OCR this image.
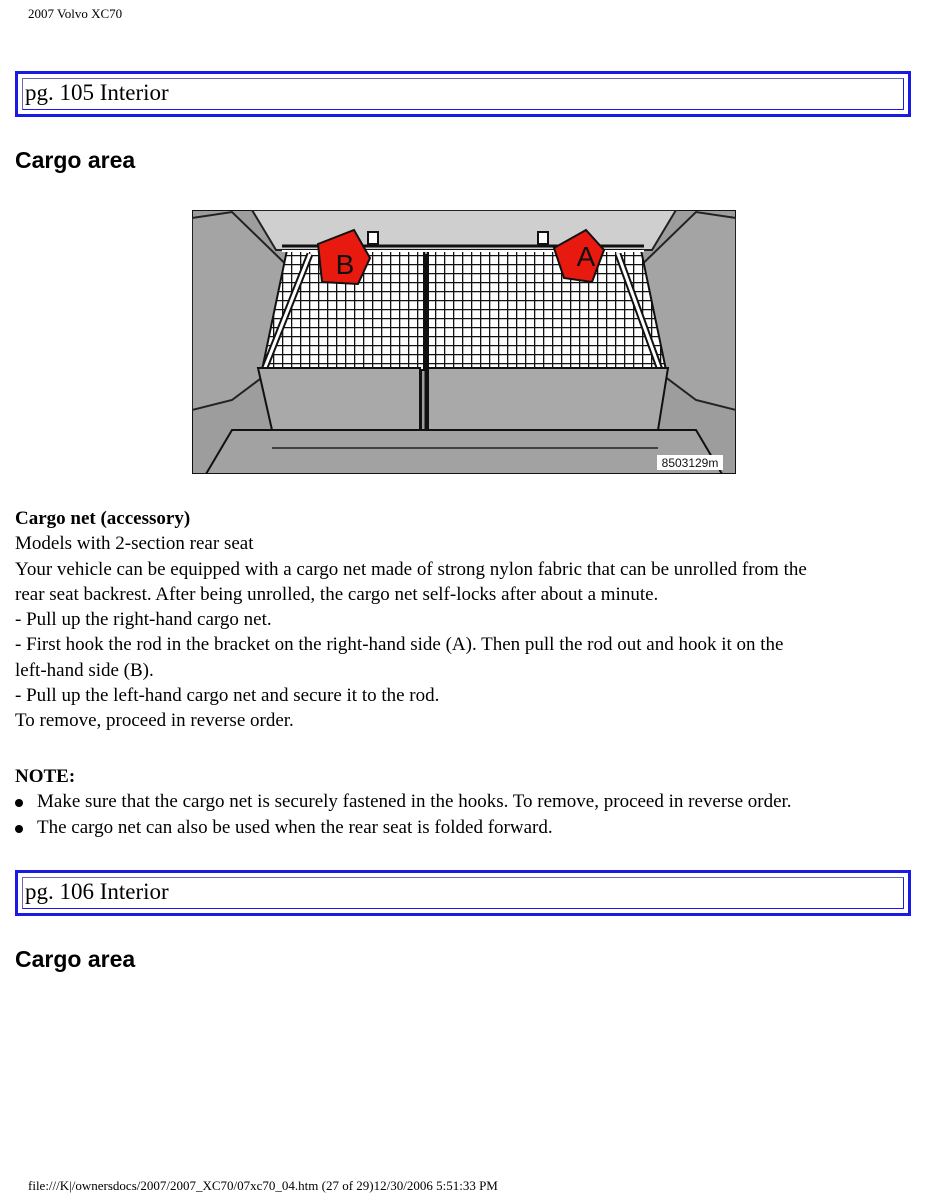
2007 Volvo XC70
pg. 105 Interior
Cargo area
B	A
8503129m
Cargo net (accessory)
Models with 2-section rear seat
Your vehicle can be equipped with a cargo net made of strong nylon fabric that can be unrolled from the
rear seat backrest. After being unrolled, the cargo net self-locks after about a minute.
- Pull up the right-hand cargo net.
- First hook the rod in the bracket on the right-hand side (A). Then pull the rod out and hook it on the
left-hand side (B).
- Pull up the left-hand cargo net and secure it to the rod.
To remove, proceed in reverse order.
NOTE:
Make sure that the cargo net is securely fastened in the hooks. To remove, proceed in reverse order.
The cargo net can also be used when the rear seat is folded forward.
pg. 106 Interior
Cargo area
file:///K|/ownersdocs/2007/2007_XC70/07xc70_04.htm (27 of 29)12/30/2006 5:51:33 PM
